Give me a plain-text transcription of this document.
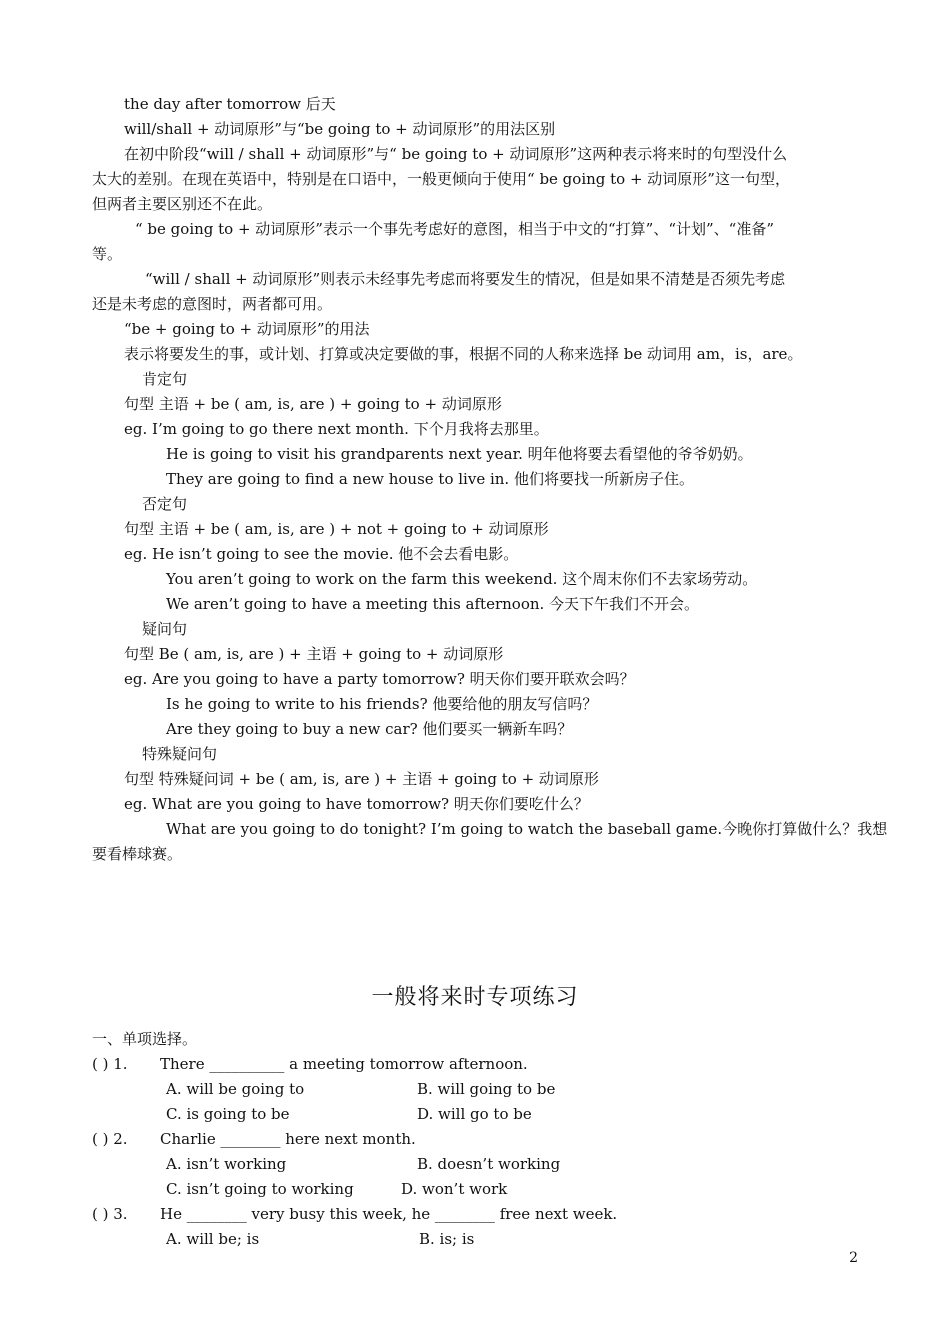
the day after tomorrow 后天
will/shall + 动词原形”与“be going to + 动词原形”的用法区别
在初中阶段“will / shall + 动词原形”与“ be going to + 动词原形”这两种表示将来时的句型没什么
太大的差别。在现在英语中，特别是在口语中，一般更倾向于使用“ be going to + 动词原形”这一句型，
但两者主要区别还不在此。
“ be going to + 动词原形”表示一个事先考虑好的意图，相当于中文的“打算”、“计划”、“准备”
等。
“will / shall + 动词原形”则表示未经事先考虑而将要发生的情况，但是如果不清楚是否须先考虑
还是未考虑的意图时，两者都可用。
“be + going to + 动词原形”的用法
表示将要发生的事，或计划、打算或决定要做的事，根据不同的人称来选择 be 动词用 am，is，are。
肯定句
句型 主语 + be ( am, is, are ) + going to + 动词原形
eg. I’m going to go there next month. 下个月我将去那里。
He is going to visit his grandparents next year. 明年他将要去看望他的爷爷奶奶。
They are going to find a new house to live in. 他们将要找一所新房子住。
否定句
句型 主语 + be ( am, is, are ) + not + going to + 动词原形
eg. He isn’t going to see the movie. 他不会去看电影。
You aren’t going to work on the farm this weekend. 这个周末你们不去家场劳动。
We aren’t going to have a meeting this afternoon. 今天下午我们不开会。
疑问句
句型 Be ( am, is, are ) + 主语 + going to + 动词原形
eg. Are you going to have a party tomorrow? 明天你们要开联欢会吗？
Is he going to write to his friends? 他要给他的朋友写信吗？
Are they going to buy a new car? 他们要买一辆新车吗？
特殊疑问句
句型 特殊疑问词 + be ( am, is, are ) + 主语 + going to + 动词原形
eg. What are you going to have tomorrow? 明天你们要吃什么？
What are you going to do tonight? I’m going to watch the baseball game.今晚你打算做什么？我想
要看棒球赛。
一般将来时专项练习
一、单项选择。
( ) 1. There __________ a meeting tomorrow afternoon.
A. will be going to	B. will going to be
C. is going to be	D. will go to be
( ) 2. Charlie ________ here next month.
A. isn’t working	B. doesn’t working
C. isn’t going to working	D. won’t work
( ) 3. He ________ very busy this week, he ________ free next week.
A. will be; is	B. is; is
2
